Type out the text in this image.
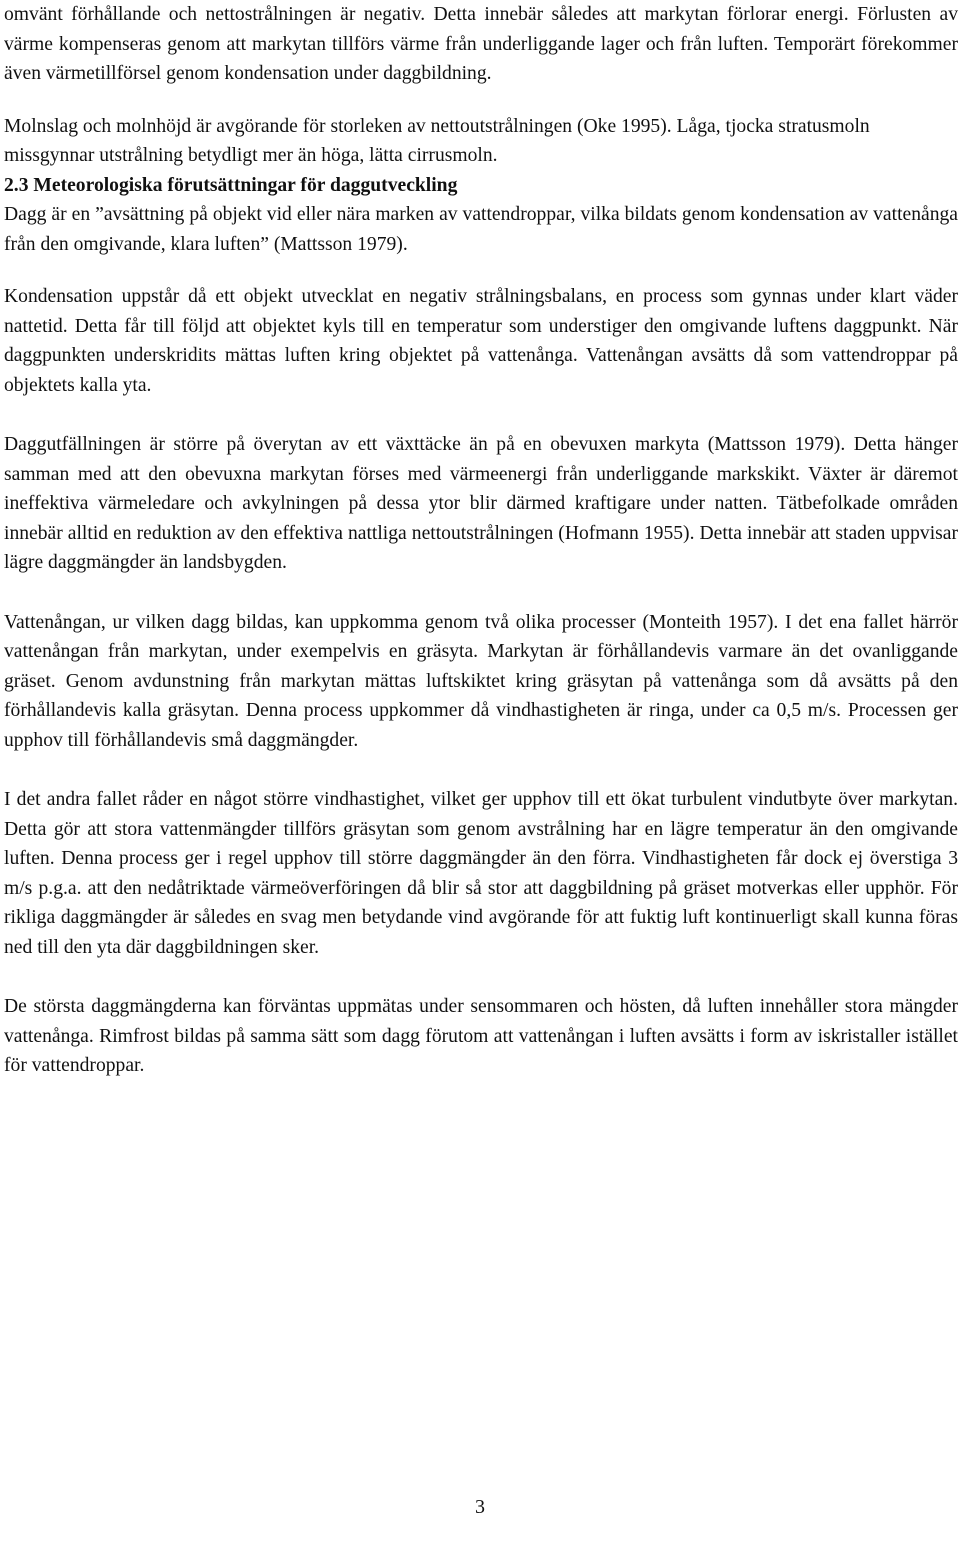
omvänt förhållande och nettostrålningen är negativ. Detta innebär således att markytan förlorar energi. Förlusten av värme kompenseras genom att markytan tillförs värme från underliggande lager och från luften. Temporärt förekommer även värmetillförsel genom kondensation under daggbildning.

Molnslag och molnhöjd är avgörande för storleken av nettoutstrålningen (Oke 1995). Låga, tjocka stratusmoln missgynnar utstrålning betydligt mer än höga, lätta cirrusmoln.

2.3 Meteorologiska förutsättningar för daggutveckling

Dagg är en ”avsättning på objekt vid eller nära marken av vattendroppar, vilka bildats genom kondensation av vattenånga från den omgivande, klara luften” (Mattsson 1979).

Kondensation uppstår då ett objekt utvecklat en negativ strålningsbalans, en process som gynnas under klart väder nattetid. Detta får till följd att objektet kyls till en temperatur som understiger den omgivande luftens daggpunkt. När daggpunkten underskridits mättas luften kring objektet på vattenånga. Vattenångan avsätts då som vattendroppar på objektets kalla yta.

Daggutfällningen är större på överytan av ett växttäcke än på en obevuxen markyta (Mattsson 1979). Detta hänger samman med att den obevuxna markytan förses med värmeenergi från underliggande markskikt. Växter är däremot ineffektiva värmeledare och avkylningen på dessa ytor blir därmed kraftigare under natten. Tätbefolkade områden innebär alltid en reduktion av den effektiva nattliga nettoutstrålningen (Hofmann 1955). Detta innebär att staden uppvisar lägre daggmängder än landsbygden.

Vattenångan, ur vilken dagg bildas, kan uppkomma genom två olika processer (Monteith 1957). I det ena fallet härrör vattenångan från markytan, under exempelvis en gräsyta. Markytan är förhållandevis varmare än det ovanliggande gräset. Genom avdunstning från markytan mättas luftskiktet kring gräsytan på vattenånga som då avsätts på den förhållandevis kalla gräsytan. Denna process uppkommer då vindhastigheten är ringa, under ca 0,5 m/s. Processen ger upphov till förhållandevis små daggmängder.

I det andra fallet råder en något större vindhastighet, vilket ger upphov till ett ökat turbulent vindutbyte över markytan. Detta gör att stora vattenmängder tillförs gräsytan som genom avstrålning har en lägre temperatur än den omgivande luften. Denna process ger i regel upphov till större daggmängder än den förra. Vindhastigheten får dock ej överstiga 3 m/s p.g.a. att den nedåtriktade värmeöverföringen då blir så stor att daggbildning på gräset motverkas eller upphör. För rikliga daggmängder är således en svag men betydande vind avgörande för att fuktig luft kontinuerligt skall kunna föras ned till den yta där daggbildningen sker.

De största daggmängderna kan förväntas uppmätas under sensommaren och hösten, då luften innehåller stora mängder vattenånga. Rimfrost bildas på samma sätt som dagg förutom att vattenångan i luften avsätts i form av iskristaller istället för vattendroppar.

3
